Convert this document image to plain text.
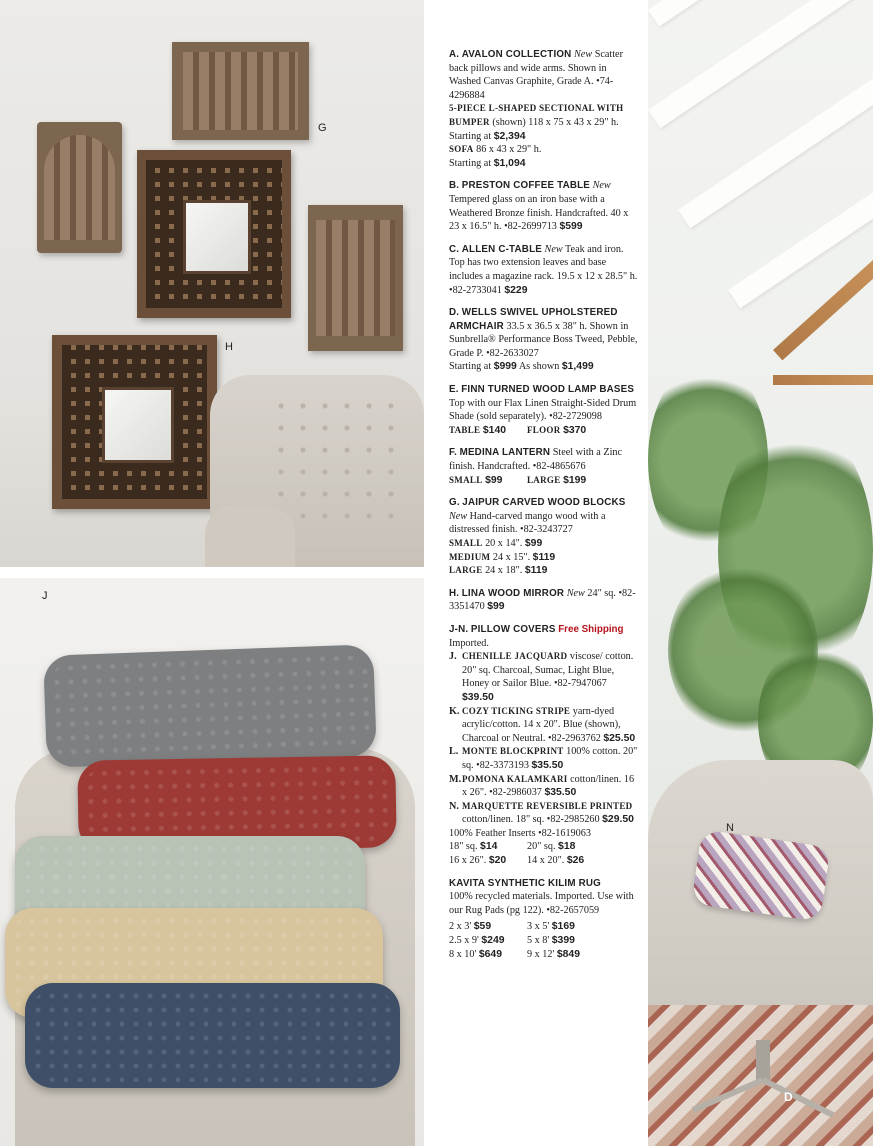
G
H
J
N
D
A. AVALON COLLECTION New Scatter back pillows and wide arms. Shown in Washed Canvas Graphite, Grade A. •74-4296884
5-PIECE L-SHAPED SECTIONAL WITH BUMPER (shown) 118 x 75 x 43 x 29" h. Starting at $2,394
SOFA 86 x 43 x 29" h.
Starting at $1,094
B. PRESTON COFFEE TABLE New Tempered glass on an iron base with a Weathered Bronze finish. Handcrafted. 40 x 23 x 16.5" h. •82-2699713 $599
C. ALLEN C-TABLE New Teak and iron. Top has two extension leaves and base includes a magazine rack. 19.5 x 12 x 28.5" h. •82-2733041 $229
D. WELLS SWIVEL UPHOLSTERED ARMCHAIR 33.5 x 36.5 x 38" h. Shown in Sunbrella® Performance Boss Tweed, Pebble, Grade P. •82-2633027
Starting at $999 As shown $1,499
E. FINN TURNED WOOD LAMP BASES Top with our Flax Linen Straight-Sided Drum Shade (sold separately). •82-2729098
TABLE $140	FLOOR $370
F. MEDINA LANTERN Steel with a Zinc finish. Handcrafted. •82-4865676
SMALL $99	LARGE $199
G. JAIPUR CARVED WOOD BLOCKS
New Hand-carved mango wood with a distressed finish. •82-3243727
SMALL 20 x 14". $99
MEDIUM 24 x 15". $119
LARGE 24 x 18". $119
H. LINA WOOD MIRROR New 24" sq. •82-3351470 $99
J-N. PILLOW COVERS Free Shipping
Imported.
J. CHENILLE JACQUARD viscose/ cotton. 20" sq. Charcoal, Sumac, Light Blue, Honey or Sailor Blue. •82-7947067 $39.50
K. COZY TICKING STRIPE yarn-dyed acrylic/cotton. 14 x 20". Blue (shown), Charcoal or Neutral. •82-2963762 $25.50
L. MONTE BLOCKPRINT 100% cotton. 20" sq. •82-3373193 $35.50
M. POMONA KALAMKARI cotton/linen. 16 x 26". •82-2986037 $35.50
N. MARQUETTE REVERSIBLE PRINTED cotton/linen. 18" sq. •82-2985260 $29.50
100% Feather Inserts •82-1619063
18" sq. $14	20" sq. $18
16 x 26". $20	14 x 20". $26
KAVITA SYNTHETIC KILIM RUG
100% recycled materials. Imported. Use with our Rug Pads (pg 122). •82-2657059
2 x 3' $59	3 x 5' $169
2.5 x 9' $249	5 x 8' $399
8 x 10' $649	9 x 12' $849
